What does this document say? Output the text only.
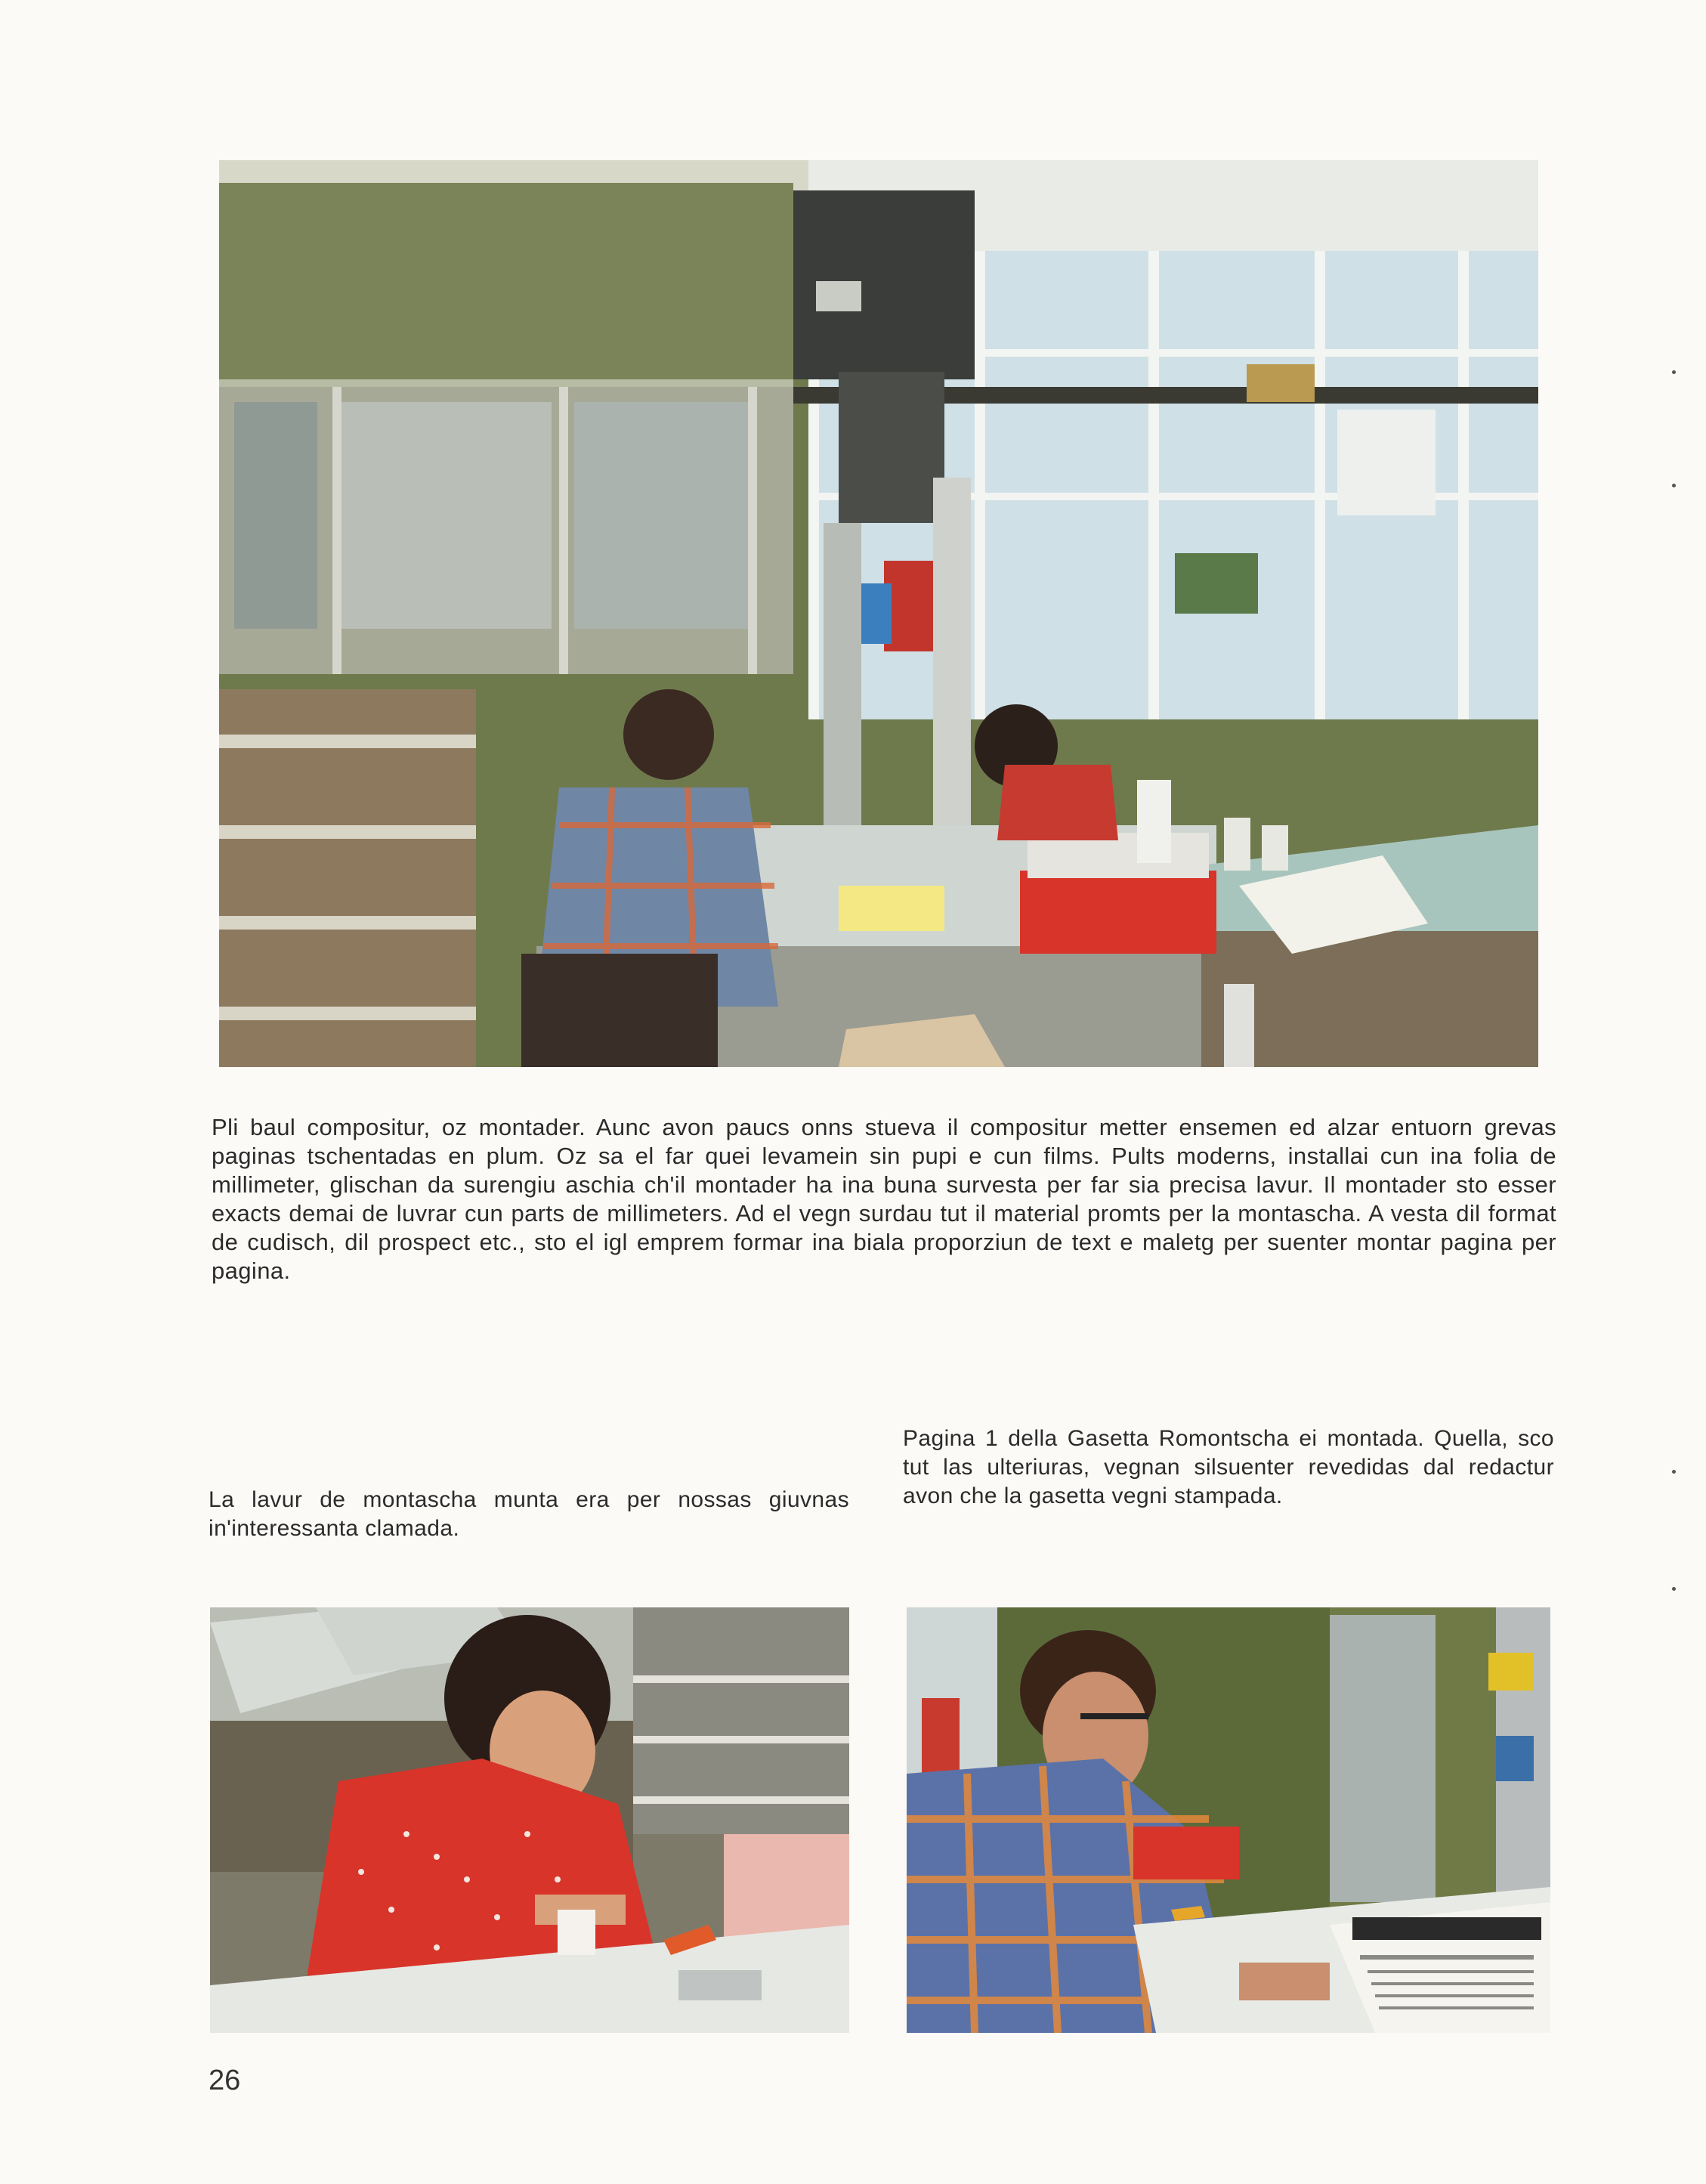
Pli baul compositur, oz montader. Aunc avon paucs onns stueva il compositur metter ensemen ed alzar entuorn grevas paginas tschentadas en plum. Oz sa el far quei levamein sin pupi e cun films. Pults moderns, installai cun ina folia de millimeter, glischan da surengiu aschia ch'il montader ha ina buna survesta per far sia precisa lavur. Il montader sto esser exacts demai de luvrar cun parts de millimeters. Ad el vegn surdau tut il material promts per la montascha. A vesta dil format de cudisch, dil prospect etc., sto el igl emprem formar ina biala proporziun de text e maletg per suenter montar pagina per pagina.

La lavur de montascha munta era per nossas giuvnas in'interessanta clamada.

Pagina 1 della Gasetta Romontscha ei montada. Quella, sco tut las ulteriuras, vegnan silsuenter revedidas dal redactur avon che la gasetta vegni stampada.

26
